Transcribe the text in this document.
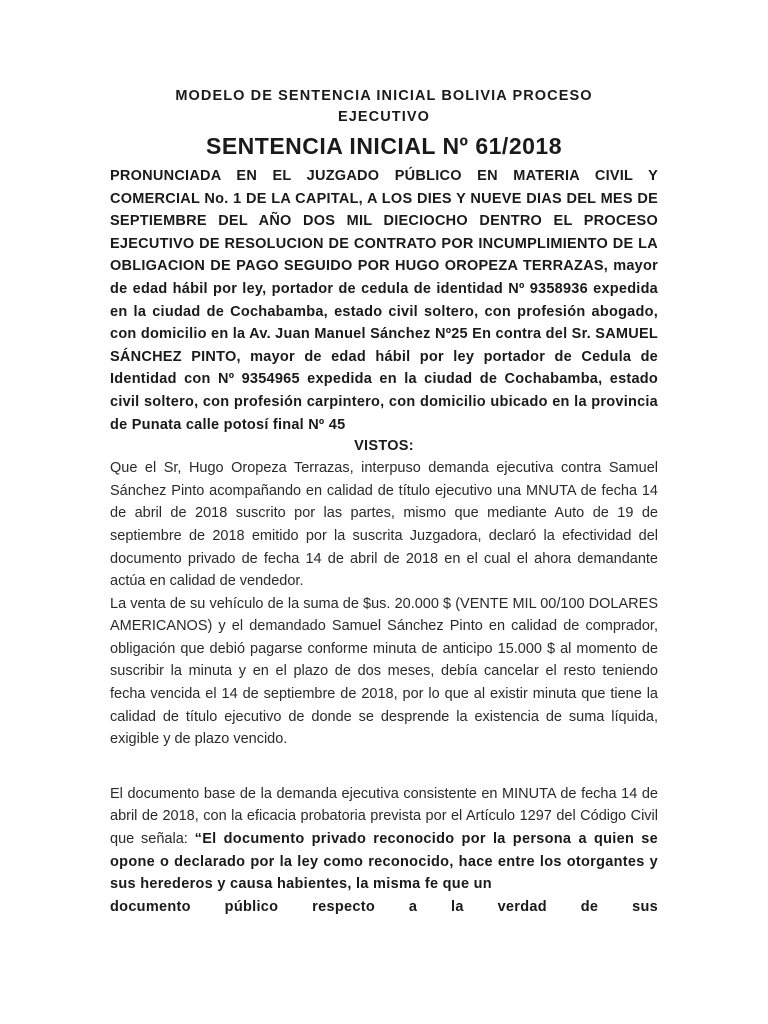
MODELO DE SENTENCIA INICIAL BOLIVIA PROCESO EJECUTIVO
SENTENCIA INICIAL Nº 61/2018

PRONUNCIADA EN EL JUZGADO PÚBLICO EN MATERIA CIVIL Y COMERCIAL No. 1 DE LA CAPITAL, A LOS DIES Y NUEVE DIAS DEL MES DE SEPTIEMBRE DEL AÑO DOS MIL DIECIOCHO DENTRO EL PROCESO EJECUTIVO DE RESOLUCION DE CONTRATO POR INCUMPLIMIENTO DE LA OBLIGACION DE PAGO SEGUIDO POR HUGO OROPEZA TERRAZAS, mayor de edad hábil por ley, portador de cedula de identidad Nº 9358936 expedida en la ciudad de Cochabamba, estado civil soltero, con profesión abogado, con domicilio en la Av. Juan Manuel Sánchez Nº25 En contra del Sr. SAMUEL SÁNCHEZ PINTO, mayor de edad hábil por ley portador de Cedula de Identidad con Nº 9354965 expedida en la ciudad de Cochabamba, estado civil soltero, con profesión carpintero, con domicilio ubicado en la provincia de Punata calle potosí final Nº 45

VISTOS:

Que el Sr, Hugo Oropeza Terrazas, interpuso demanda ejecutiva contra Samuel Sánchez Pinto acompañando en calidad de título ejecutivo una MNUTA de fecha 14 de abril de 2018 suscrito por las partes, mismo que mediante Auto de 19 de septiembre de 2018 emitido por la suscrita Juzgadora, declaró la efectividad del documento privado de fecha 14 de abril de 2018 en el cual el ahora demandante actúa en calidad de vendedor.

La venta de su vehículo de la suma de $us. 20.000 $ (VENTE MIL 00/100 DOLARES AMERICANOS) y el demandado Samuel Sánchez Pinto en calidad de comprador, obligación que debió pagarse conforme minuta de anticipo 15.000 $ al momento de suscribir la minuta y en el plazo de dos meses, debía cancelar el resto teniendo fecha vencida el 14 de septiembre de 2018, por lo que al existir minuta que tiene la calidad de título ejecutivo de donde se desprende la existencia de suma líquida, exigible y de plazo vencido.

El documento base de la demanda ejecutiva consistente en MINUTA de fecha 14 de abril de 2018, con la eficacia probatoria prevista por el Artículo 1297 del Código Civil que señala: “El documento privado reconocido por la persona a quien se opone o declarado por la ley como reconocido, hace entre los otorgantes y sus herederos y causa habientes, la misma fe que un

documento público respecto a la verdad de sus
